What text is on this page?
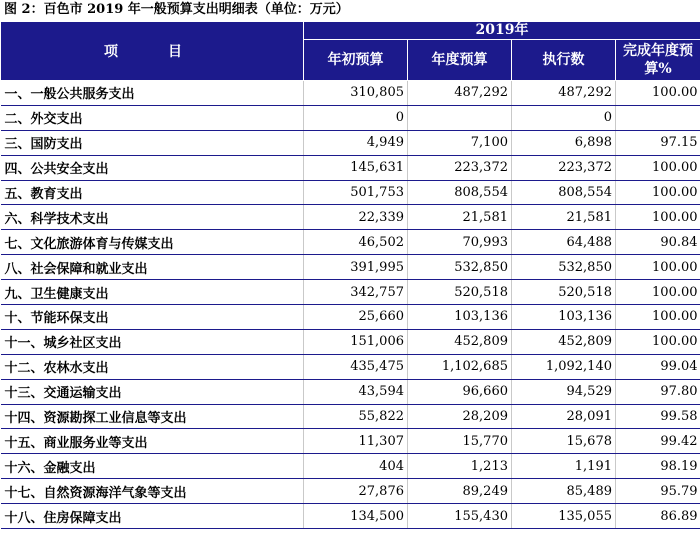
图 2：百色市 2019 年一般预算支出明细表（单位：万元）
项　目	2019年			
	年初预算	年度预算	执行数	完成年度预算%
一、一般公共服务支出	310,805	487,292	487,292	100.00
二、外交支出	0		0	
三、国防支出	4,949	7,100	6,898	97.15
四、公共安全支出	145,631	223,372	223,372	100.00
五、教育支出	501,753	808,554	808,554	100.00
六、科学技术支出	22,339	21,581	21,581	100.00
七、文化旅游体育与传媒支出	46,502	70,993	64,488	90.84
八、社会保障和就业支出	391,995	532,850	532,850	100.00
九、卫生健康支出	342,757	520,518	520,518	100.00
十、节能环保支出	25,660	103,136	103,136	100.00
十一、城乡社区支出	151,006	452,809	452,809	100.00
十二、农林水支出	435,475	1,102,685	1,092,140	99.04
十三、交通运输支出	43,594	96,660	94,529	97.80
十四、资源勘探工业信息等支出	55,822	28,209	28,091	99.58
十五、商业服务业等支出	11,307	15,770	15,678	99.42
十六、金融支出	404	1,213	1,191	98.19
十七、自然资源海洋气象等支出	27,876	89,249	85,489	95.79
十八、住房保障支出	134,500	155,430	135,055	86.89
